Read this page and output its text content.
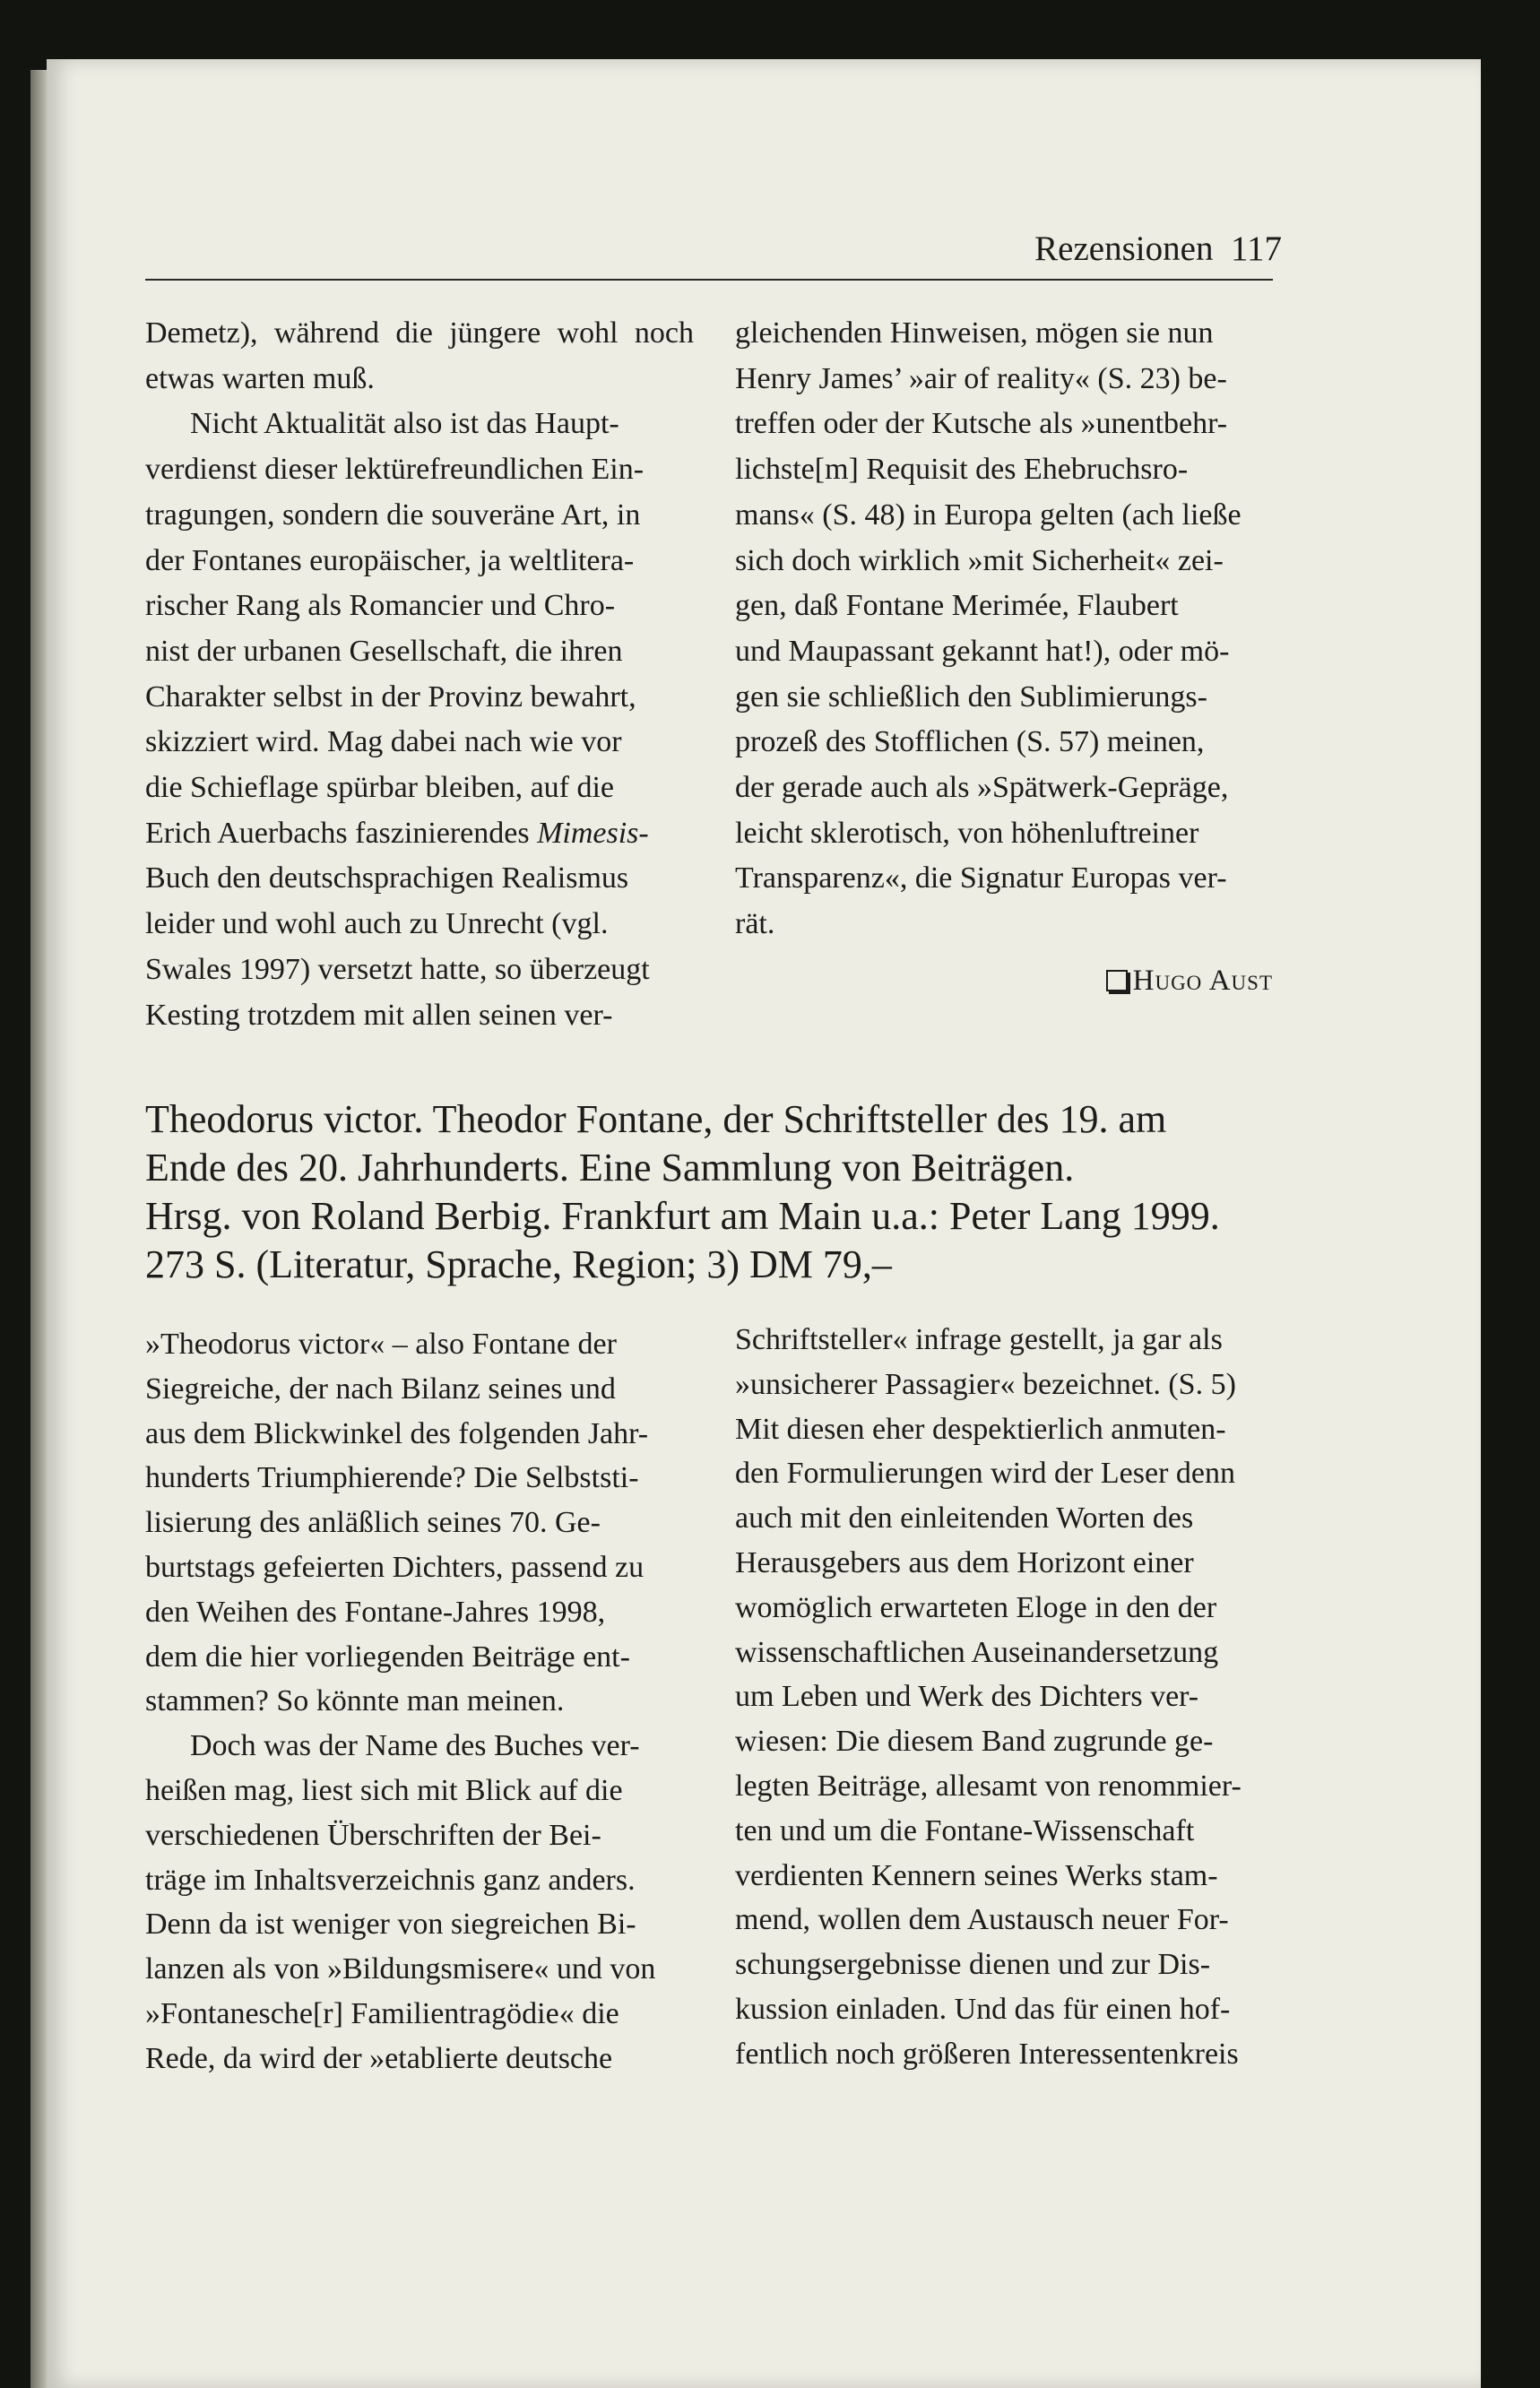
Rezensionen 117

Demetz), während die jüngere wohl noch etwas warten muß.

Nicht Aktualität also ist das Haupt-
verdienst dieser lektürefreundlichen Ein-
tragungen, sondern die souveräne Art, in
der Fontanes europäischer, ja weltlitera-
rischer Rang als Romancier und Chro-
nist der urbanen Gesellschaft, die ihren
Charakter selbst in der Provinz bewahrt,
skizziert wird. Mag dabei nach wie vor
die Schieflage spürbar bleiben, auf die
Erich Auerbachs faszinierendes Mimesis-
Buch den deutschsprachigen Realismus
leider und wohl auch zu Unrecht (vgl.
Swales 1997) versetzt hatte, so überzeugt
Kesting trotzdem mit allen seinen ver-

gleichenden Hinweisen, mögen sie nun
Henry James’ »air of reality« (S. 23) be-
treffen oder der Kutsche als »unentbehr-
lichste[m] Requisit des Ehebruchsro-
mans« (S. 48) in Europa gelten (ach ließe
sich doch wirklich »mit Sicherheit« zei-
gen, daß Fontane Merimée, Flaubert
und Maupassant gekannt hat!), oder mö-
gen sie schließlich den Sublimierungs-
prozeß des Stofflichen (S. 57) meinen,
der gerade auch als »Spätwerk-Gepräge,
leicht sklerotisch, von höhenluftreiner
Transparenz«, die Signatur Europas ver-
rät.

Hugo Aust
Theodorus victor. Theodor Fontane, der Schriftsteller des 19. am
Ende des 20. Jahrhunderts. Eine Sammlung von Beiträgen.
Hrsg. von Roland Berbig. Frankfurt am Main u.a.: Peter Lang 1999.
273 S. (Literatur, Sprache, Region; 3) DM 79,–

»Theodorus victor« – also Fontane der
Siegreiche, der nach Bilanz seines und
aus dem Blickwinkel des folgenden Jahr-
hunderts Triumphierende? Die Selbststi-
lisierung des anläßlich seines 70. Ge-
burtstags gefeierten Dichters, passend zu
den Weihen des Fontane-Jahres 1998,
dem die hier vorliegenden Beiträge ent-
stammen? So könnte man meinen.

Doch was der Name des Buches ver-
heißen mag, liest sich mit Blick auf die
verschiedenen Überschriften der Bei-
träge im Inhaltsverzeichnis ganz anders.
Denn da ist weniger von siegreichen Bi-
lanzen als von »Bildungsmisere« und von
»Fontanesche[r] Familientragödie« die
Rede, da wird der »etablierte deutsche

Schriftsteller« infrage gestellt, ja gar als
»unsicherer Passagier« bezeichnet. (S. 5)
Mit diesen eher despektierlich anmuten-
den Formulierungen wird der Leser denn
auch mit den einleitenden Worten des
Herausgebers aus dem Horizont einer
womöglich erwarteten Eloge in den der
wissenschaftlichen Auseinandersetzung
um Leben und Werk des Dichters ver-
wiesen: Die diesem Band zugrunde ge-
legten Beiträge, allesamt von renommier-
ten und um die Fontane-Wissenschaft
verdienten Kennern seines Werks stam-
mend, wollen dem Austausch neuer For-
schungsergebnisse dienen und zur Dis-
kussion einladen. Und das für einen hof-
fentlich noch größeren Interessentenkreis
